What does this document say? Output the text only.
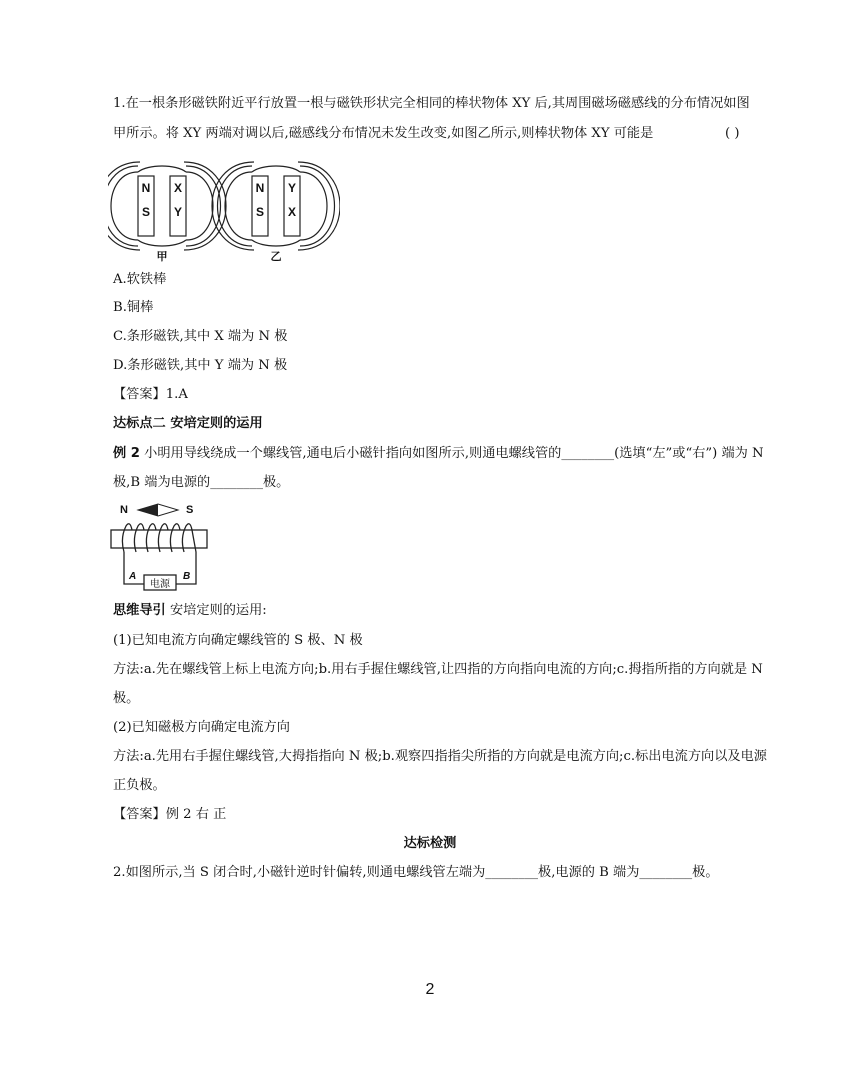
1.在一根条形磁铁附近平行放置一根与磁铁形状完全相同的棒状物体 XY 后,其周围磁场磁感线的分布情况如图
甲所示。将 XY 两端对调以后,磁感线分布情况未发生改变,如图乙所示,则棒状物体 XY 可能是	( )
N
S
X
Y
N
S
Y
X
甲	乙
A.软铁棒
B.铜棒
C.条形磁铁,其中 X 端为 N 极
D.条形磁铁,其中 Y 端为 N 极
【答案】1.A
达标点二 安培定则的运用
例 2 小明用导线绕成一个螺线管,通电后小磁针指向如图所示,则通电螺线管的________(选填“左”或“右”) 端为 N
极,B 端为电源的________极。
N	S
A	B
电源
思维导引 安培定则的运用:
(1)已知电流方向确定螺线管的 S 极、N 极
方法:a.先在螺线管上标上电流方向;b.用右手握住螺线管,让四指的方向指向电流的方向;c.拇指所指的方向就是 N
极。
(2)已知磁极方向确定电流方向
方法:a.先用右手握住螺线管,大拇指指向 N 极;b.观察四指指尖所指的方向就是电流方向;c.标出电流方向以及电源
正负极。
【答案】例 2 右 正
达标检测
2.如图所示,当 S 闭合时,小磁针逆时针偏转,则通电螺线管左端为________极,电源的 B 端为________极。
2
